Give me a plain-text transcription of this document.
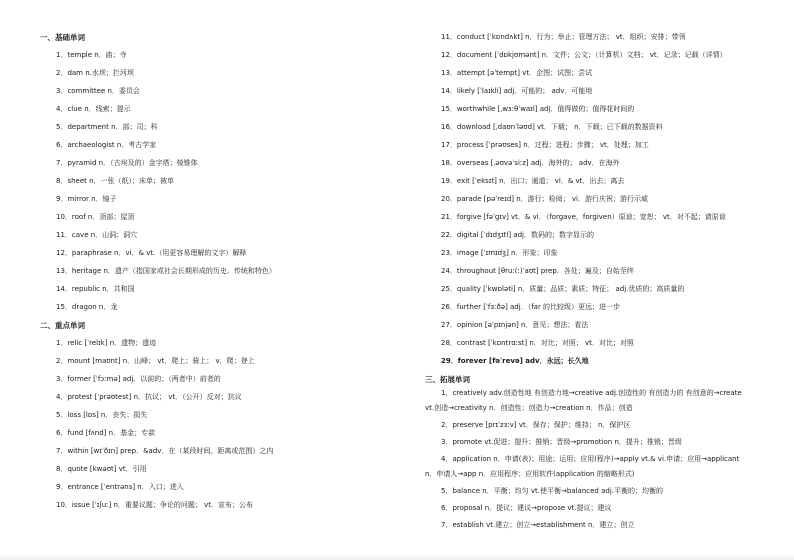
一、基础单词
1．temple n．庙；寺
2．dam n.水坝；拦河坝
3．committee n．委员会
4．clue n．线索；提示
5．department n．部；司；科
6．archaeologist n．考古学家
7．pyramid n．（古埃及的）金字塔；棱锥体
8．sheet n．一张（纸）；床单；被单
9．mirror n．镜子
10．roof n．顶部；屋顶
11．cave n．山洞；洞穴
12．paraphrase n．vi．& vt.（用更容易理解的文字）解释
13．heritage n．遗产（指国家或社会长期形成的历史、传统和特色）
14．republic n．共和国
15．dragon n．龙
二、重点单词
1．relic [ˈrelɪk] n．遗物；遗迹
2．mount [maʊnt] n．山峰； vt．爬上；骑上； v．爬；登上
3．former [ˈfɔːmə] adj．以前的；（两者中）前者的
4．protest [ˈprəʊtest] n．抗议； vt．（公开）反对；抗议
5．loss [lɒs] n．丧失；损失
6．fund [fʌnd] n．基金；专款
7．within [wɪˈðɪn] prep．&adv．在（某段时间、距离或范围）之内
8．quote [kwəʊt] vt．引用
9．entrance [ˈentrəns] n．入口；进入
10．issue [ˈɪʃuː] n．重要议题；争论的问题； vt．宣布；公布
11．conduct [ˈkɒndʌkt] n．行为；举止；管理方法； vt．组织；安排；带领
12．document [ˈdɒkjʊmənt] n．文件；公文；（计算机）文档； vt．记录；记载（详情）
13．attempt [əˈtempt] vt．企图；试图；尝试
14．likely [ˈlaɪkli] adj．可能的； adv．可能地
15．worthwhile [ˌwɜːθˈwaɪl] adj．值得做的；值得花时间的
16．download [ˌdaʊnˈləʊd] vt．下载； n．下载；已下载的数据资料
17．process [ˈprəʊses] n．过程；进程；步骤； vt．处理；加工
18．overseas [ˌəʊvəˈsiːz] adj．海外的； adv．在海外
19．exit [ˈeksɪt] n．出口；通道； vi．& vt．出去；离去
20．parade [pəˈreɪd] n．游行；检阅； vi．游行庆祝；游行示威
21．forgive [fəˈɡɪv] vt．& vi．（forgave，forgiven）原谅；宽恕； vt．对不起；请原谅
22．digital [ˈdɪdʒɪtl] adj．数码的；数字显示的
23．image [ˈɪmɪdʒ] n．形象；印象
24．throughout [θruː(ː)ˈaʊt] prep．各处；遍及；自始至终
25．quality [ˈkwɒləti] n．质量；品质；素质；特征； adj.优质的；高质量的
26．further [ˈfɜːðə] adj．（far 的比较级）更远；进一步
27．opinion [əˈpɪnjən] n．意见；想法；看法
28．contrast [ˈkɒntrɑːst] n．对比；对照； vt．对比；对照
29．forever [fəˈrevə] adv．永远；长久地
三、拓展单词
1．creatively adv.创造性地 有创造力地→creative adj.创造性的 有创造力的 有创意的→create
vt.创造→creativity n．创造性；创造力→creation n．作品；创造
2．preserve [prɪˈzɜːv] vt．保存；保护；维持； n．保护区
3．promote vt.促进；提升；推销；晋级→promotion n．提升；推销；晋级
4．application n．申请(表)；用途；运用；应用(程序)→apply vt.& vi.申请；应用→applicant
n．申请人→app n．应用程序；应用软件(application 的缩略形式)
5．balance n．平衡；均匀 vt.使平衡→balanced adj.平衡的；均衡的
6．proposal n．提议；建议→propose vt.提议；建议
7．establish vt.建立；创立→establishment n．建立；创立
